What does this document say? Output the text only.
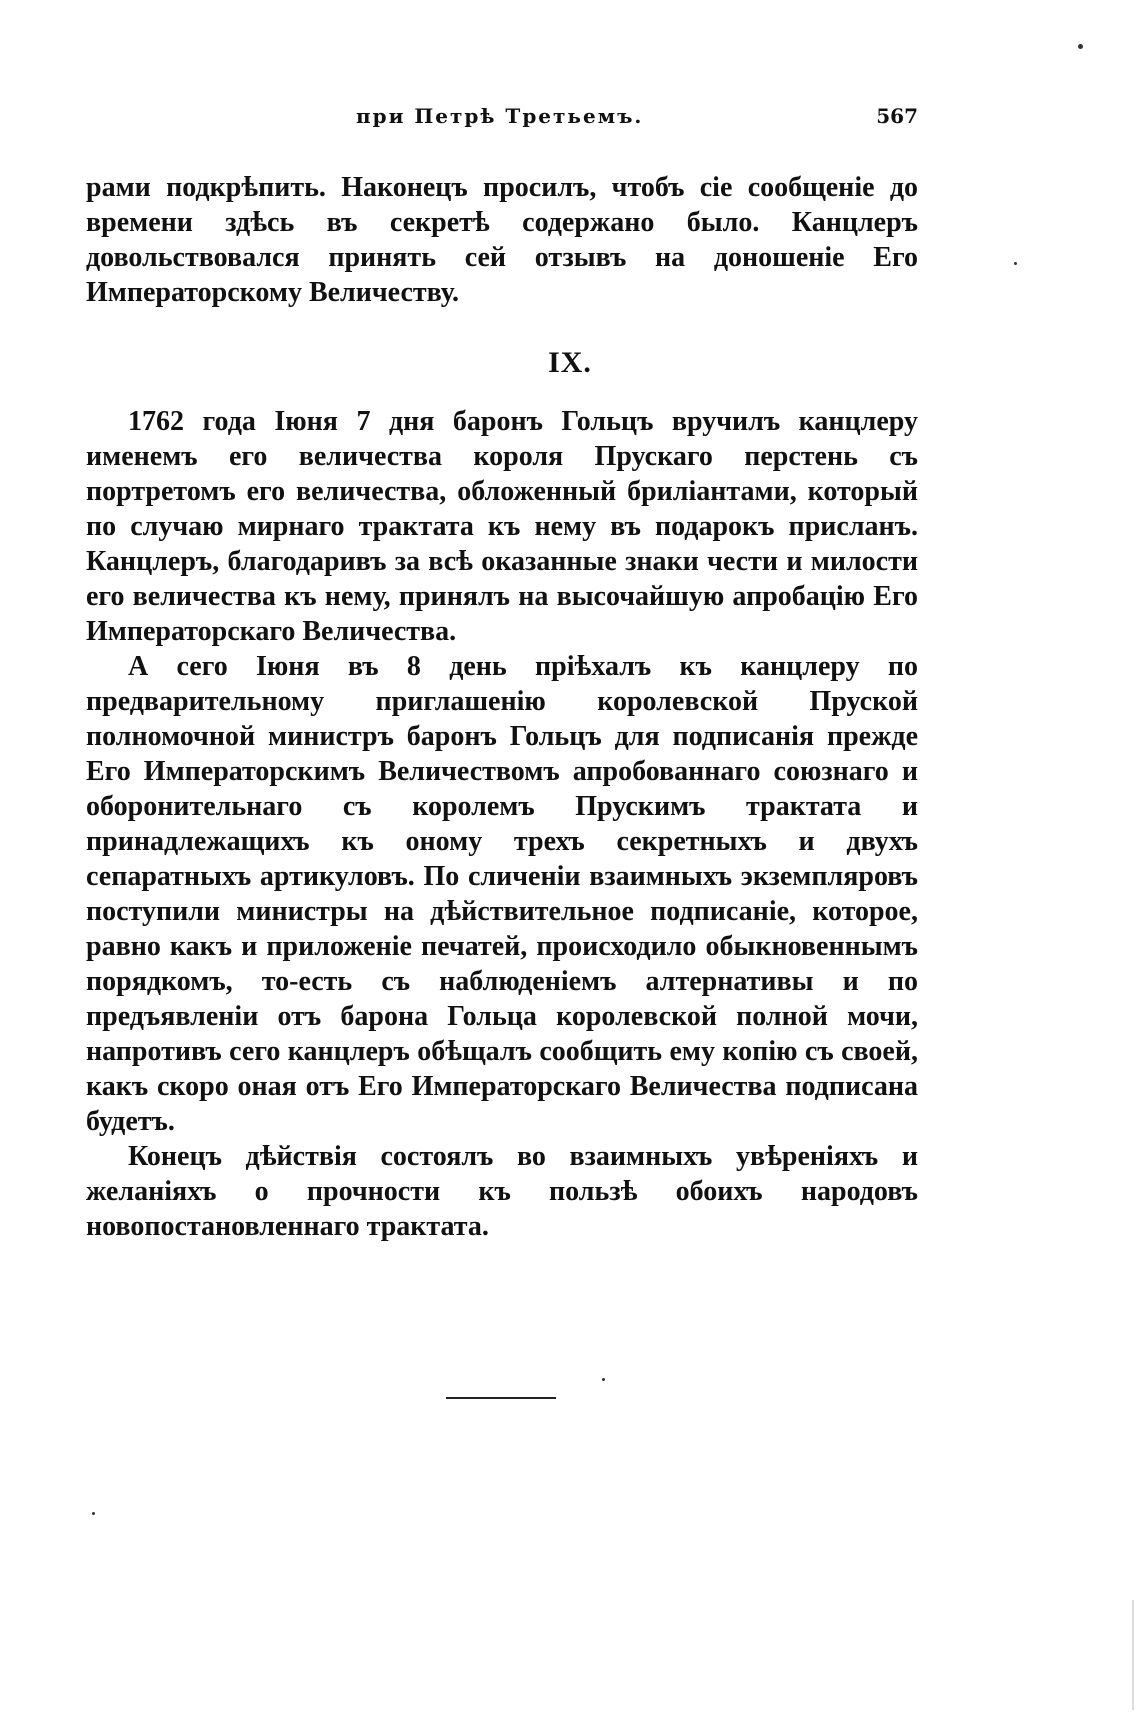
при Петрѣ Третьемъ.	567

рами подкрѣпить. Наконецъ просилъ, чтобъ сіе сообщеніе до времени здѣсь въ секретѣ содержано было. Канцлеръ довольствовался принять сей отзывъ на доношеніе Его Императорскому Величеству.

IX.

1762 года Іюня 7 дня баронъ Гольцъ вручилъ канцлеру именемъ его величества короля Прускаго перстень съ портретомъ его величества, обложенный бриліантами, который по случаю мирнаго трактата къ нему въ подарокъ присланъ. Канцлеръ, благодаривъ за всѣ оказанные знаки чести и милости его величества къ нему, принялъ на высочайшую апробацію Его Императорскаго Величества.

А сего Іюня въ 8 день пріѣхалъ къ канцлеру по предварительному приглашенію королевской Пруской полномочной министръ баронъ Гольцъ для подписанія прежде Его Императорскимъ Величествомъ апробованнаго союзнаго и оборонительнаго съ королемъ Прускимъ трактата и принадлежащихъ къ оному трехъ секретныхъ и двухъ сепаратныхъ артикуловъ. По сличеніи взаимныхъ экземпляровъ поступили министры на дѣйствительное подписаніе, которое, равно какъ и приложеніе печатей, происходило обыкновеннымъ порядкомъ, то-есть съ наблюденіемъ алтернативы и по предъявленіи отъ барона Гольца королевской полной мочи, напротивъ сего канцлеръ обѣщалъ сообщить ему копію съ своей, какъ скоро оная отъ Его Императорскаго Величества подписана будетъ.

Конецъ дѣйствія состоялъ во взаимныхъ увѣреніяхъ и желаніяхъ о прочности къ пользѣ обоихъ народовъ новопостановленнаго трактата.
